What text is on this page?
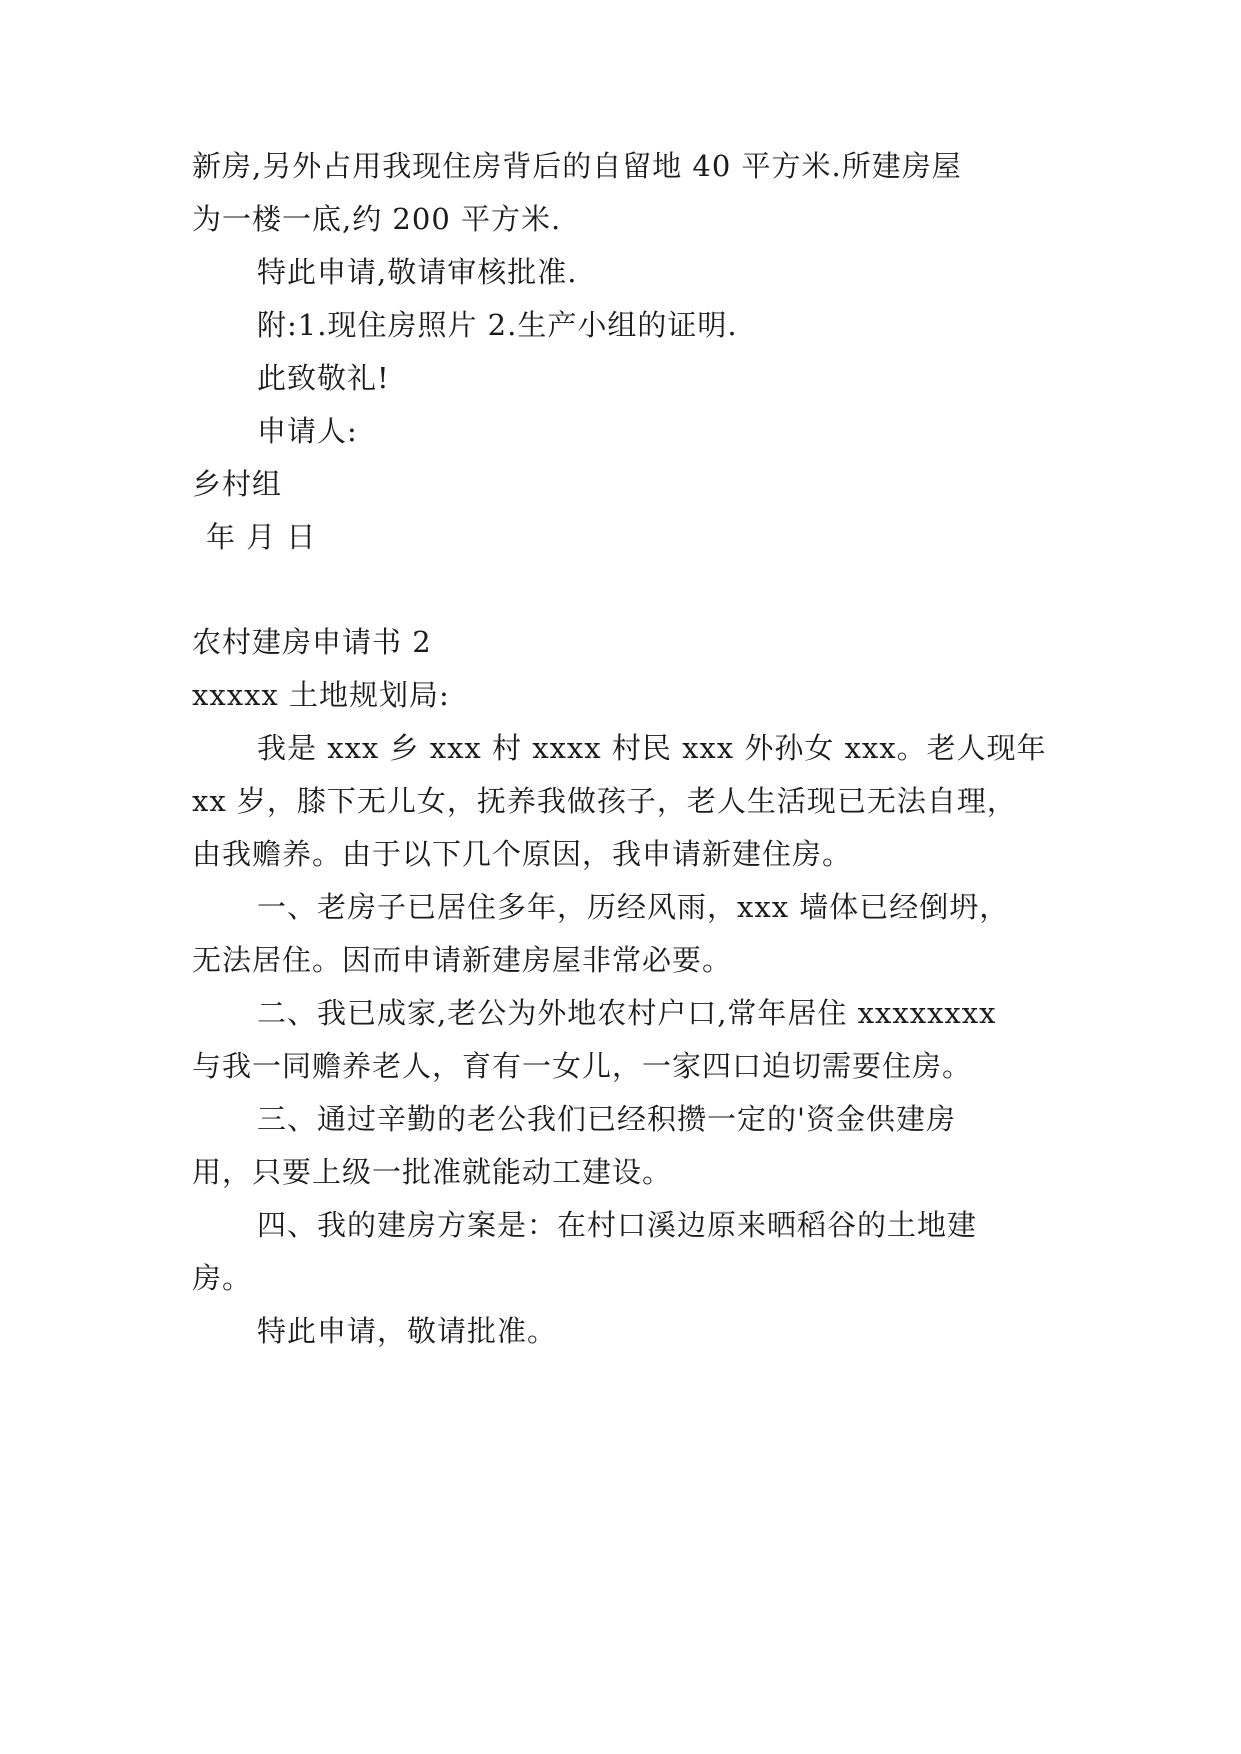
新房,另外占用我现住房背后的自留地 40 平方米.所建房屋
为一楼一底,约 200 平方米.
特此申请,敬请审核批准.
附:1.现住房照片 2.生产小组的证明.
此致敬礼!
申请人:
乡村组
年 月 日
农村建房申请书 2
xxxxx 土地规划局:
我是 xxx 乡 xxx 村 xxxx 村民 xxx 外孙女 xxx。老人现年
xx 岁，膝下无儿女，抚养我做孩子，老人生活现已无法自理，
由我赡养。由于以下几个原因，我申请新建住房。
一、老房子已居住多年，历经风雨，xxx 墙体已经倒坍，
无法居住。因而申请新建房屋非常必要。
二、我已成家,老公为外地农村户口,常年居住 xxxxxxxx
与我一同赡养老人，育有一女儿，一家四口迫切需要住房。
三、通过辛勤的老公我们已经积攒一定的'资金供建房
用，只要上级一批准就能动工建设。
四、我的建房方案是：在村口溪边原来晒稻谷的土地建
房。
特此申请，敬请批准。
